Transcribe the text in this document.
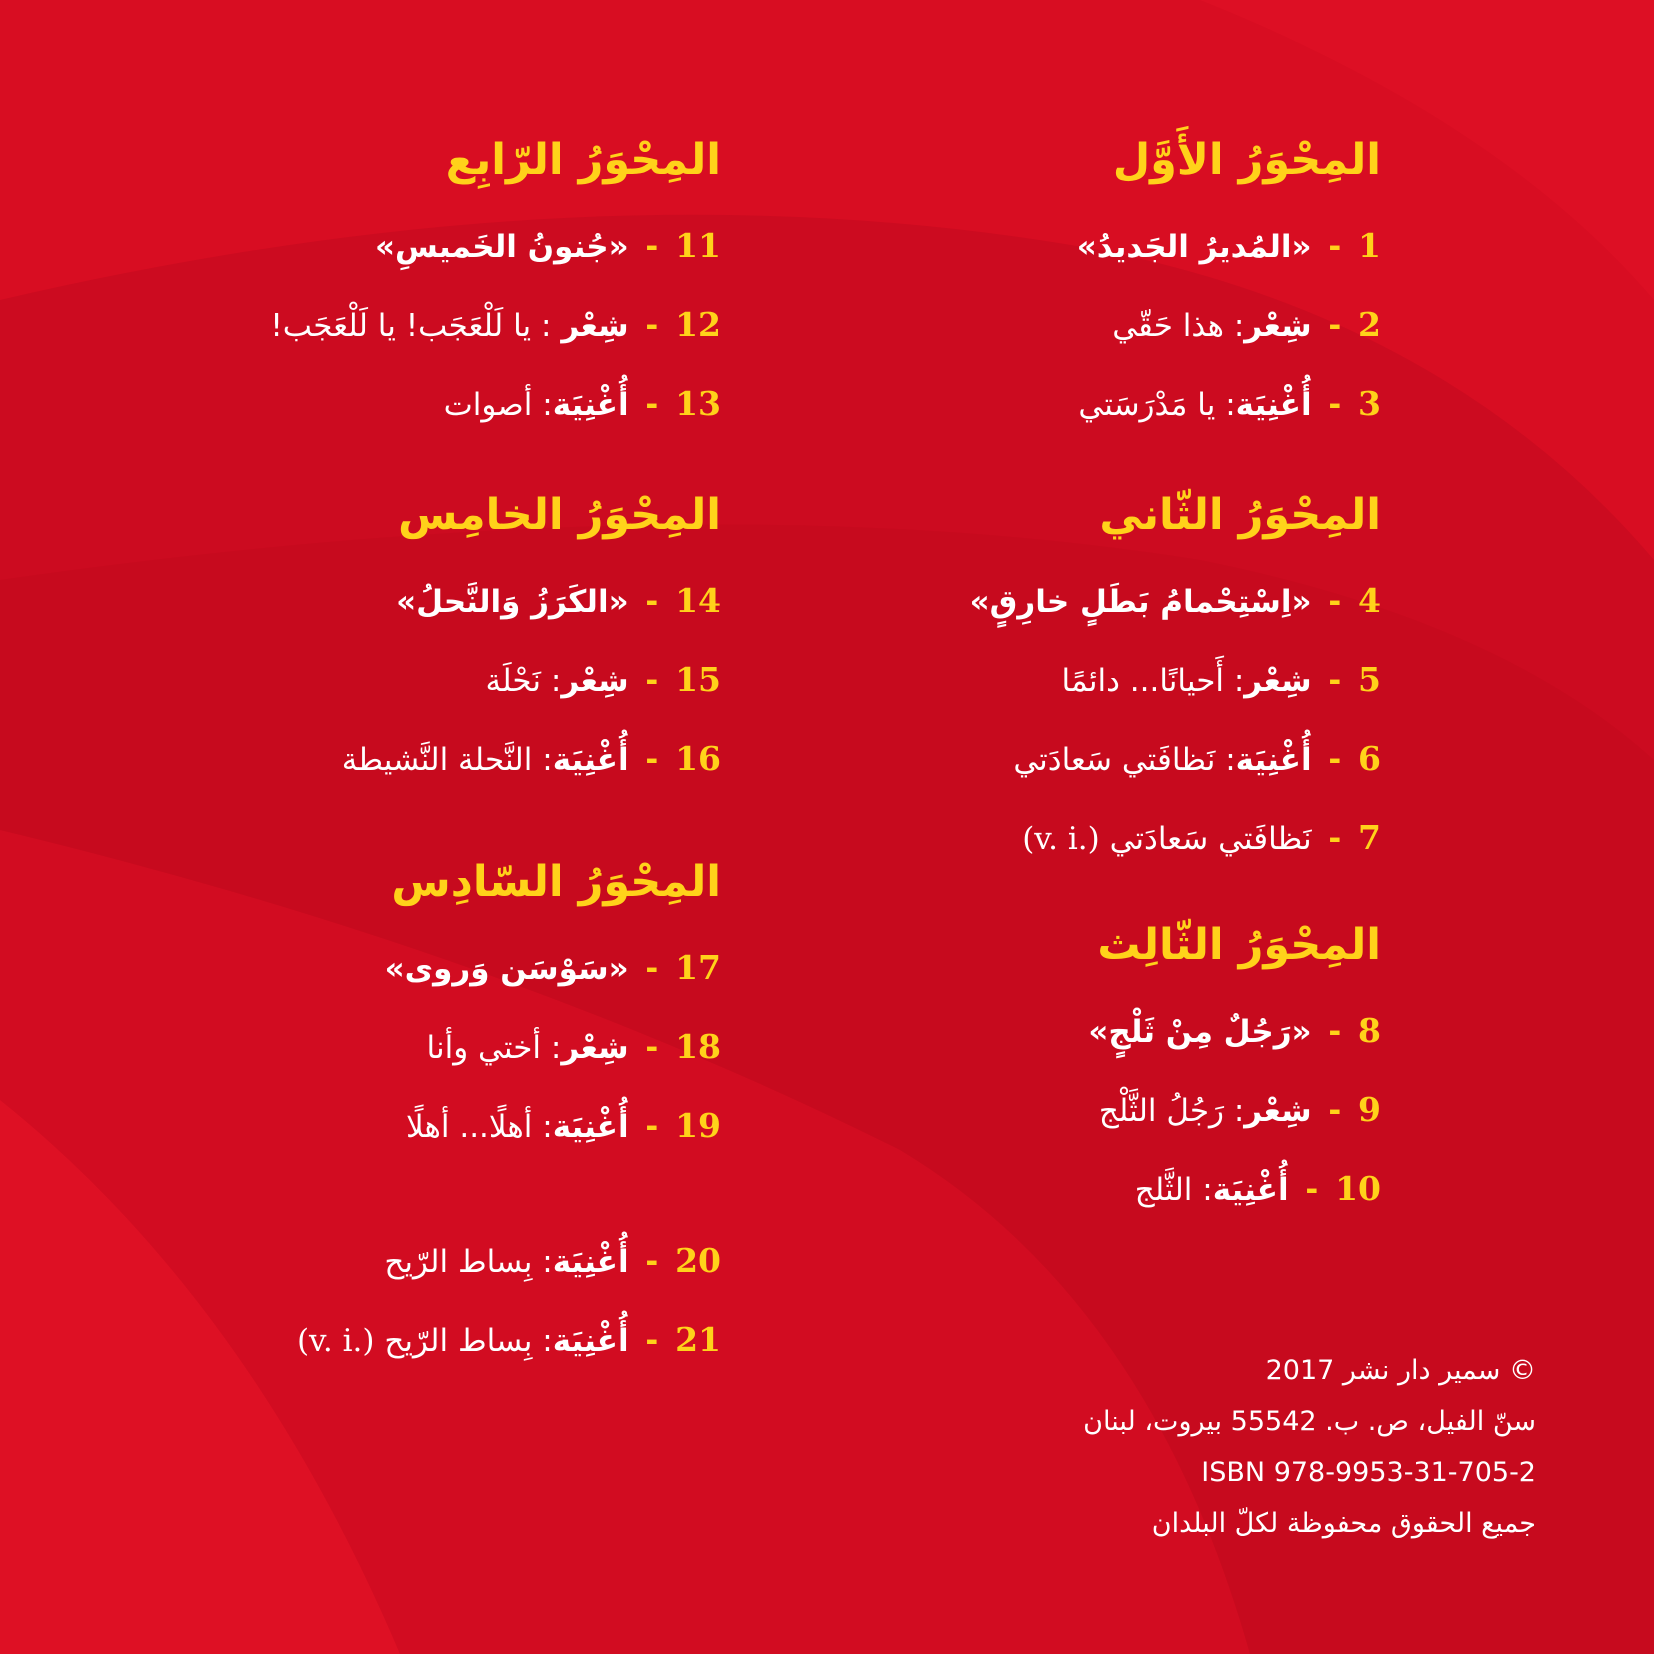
المِحْوَرُ الأَوَّل
1 - «المُديرُ الجَديدُ»
2 - شِعْر: هذا حَقّي
3 - أُغْنِيَة: يا مَدْرَسَتي
المِحْوَرُ الثّاني
4 - «اِسْتِحْمامُ بَطَلٍ خارِقٍ»
5 - شِعْر: أَحيانًا... دائمًا
6 - أُغْنِيَة: نَظافَتي سَعادَتي
7 - نَظافَتي سَعادَتي (v. i.)
المِحْوَرُ الثّالِث
8 - «رَجُلٌ مِنْ ثَلْجٍ»
9 - شِعْر: رَجُلُ الثَّلْج
10 - أُغْنِيَة: الثَّلج
المِحْوَرُ الرّابِع
11 - «جُنونُ الخَميسِ»
12 - شِعْر : يا لَلْعَجَب! يا لَلْعَجَب!
13 - أُغْنِيَة: أصوات
المِحْوَرُ الخامِس
14 - «الكَرَزُ وَالنَّحلُ»
15 - شِعْر: نَحْلَة
16 - أُغْنِيَة: النَّحلة النَّشيطة
المِحْوَرُ السّادِس
17 - «سَوْسَن وَروى»
18 - شِعْر: أختي وأنا
19 - أُغْنِيَة: أهلًا... أهلًا
20 - أُغْنِيَة: بِساط الرّيح
21 - أُغْنِيَة: بِساط الرّيح (v. i.)
© سمير دار نشر 2017
سنّ الفيل، ص. ب. 55542 بيروت، لبنان
ISBN 978-9953-31-705-2
جميع الحقوق محفوظة لكلّ البلدان
